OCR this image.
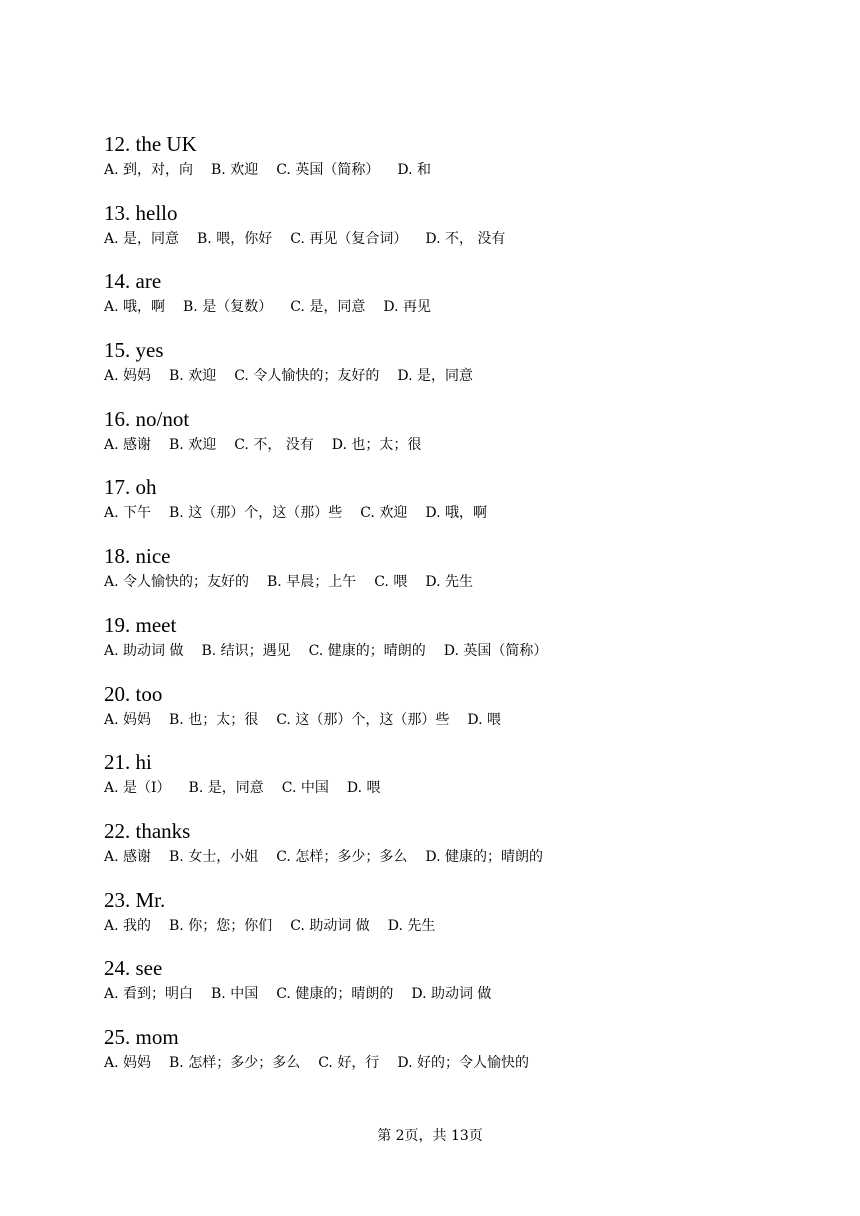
12. the UK
A. 到，对，向 B. 欢迎 C. 英国（简称） D. 和
13. hello
A. 是，同意 B. 喂，你好 C. 再见（复合词） D. 不， 没有
14. are
A. 哦，啊 B. 是（复数） C. 是，同意 D. 再见
15. yes
A. 妈妈 B. 欢迎 C. 令人愉快的；友好的 D. 是，同意
16. no/not
A. 感谢 B. 欢迎 C. 不， 没有 D. 也；太；很
17. oh
A. 下午 B. 这（那）个，这（那）些 C. 欢迎 D. 哦，啊
18. nice
A. 令人愉快的；友好的 B. 早晨；上午 C. 喂 D. 先生
19. meet
A. 助动词 做 B. 结识；遇见 C. 健康的；晴朗的 D. 英国（简称）
20. too
A. 妈妈 B. 也；太；很 C. 这（那）个，这（那）些 D. 喂
21. hi
A. 是（I） B. 是，同意 C. 中国 D. 喂
22. thanks
A. 感谢 B. 女士，小姐 C. 怎样；多少；多么 D. 健康的；晴朗的
23. Mr.
A. 我的 B. 你；您；你们 C. 助动词 做 D. 先生
24. see
A. 看到；明白 B. 中国 C. 健康的；晴朗的 D. 助动词 做
25. mom
A. 妈妈 B. 怎样；多少；多么 C. 好，行 D. 好的；令人愉快的
第 2页，共 13页
